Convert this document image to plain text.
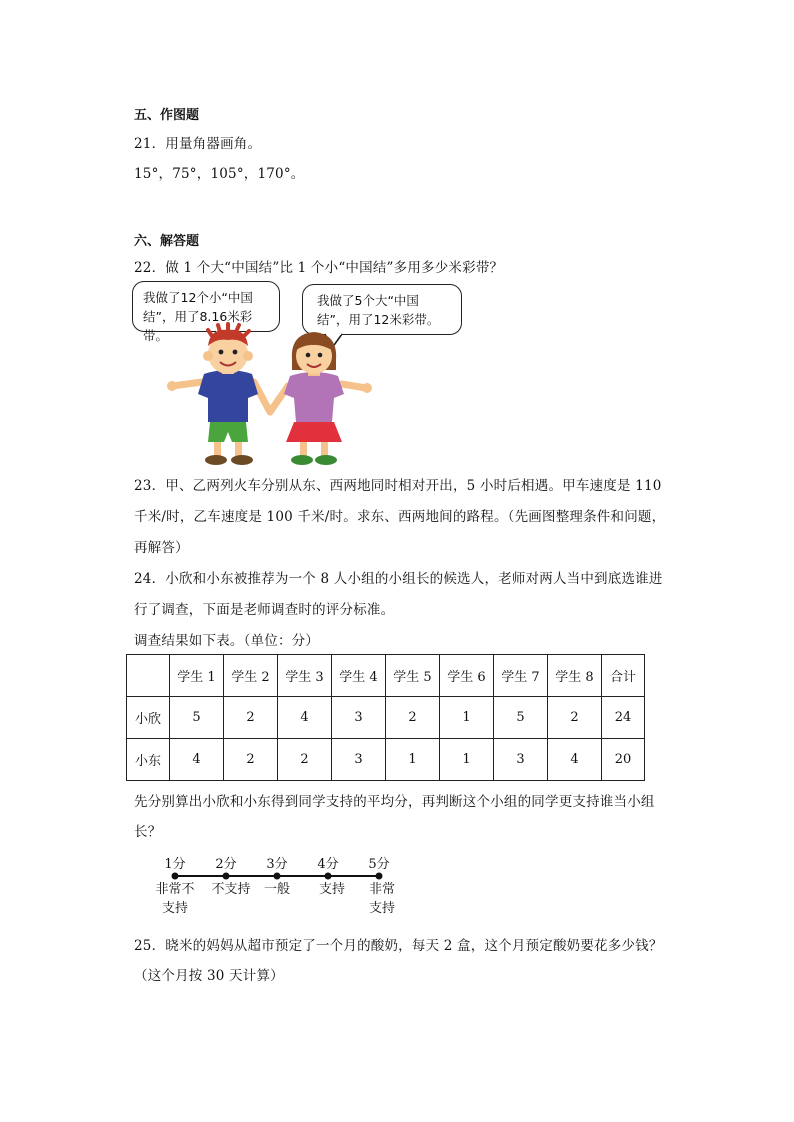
五、作图题
21．用量角器画角。
15°，75°，105°，170°。
六、解答题
22．做 1 个大“中国结”比 1 个小“中国结”多用多少米彩带？
我做了12个小“中国
结”，用了8.16米彩带。
我做了5个大“中国
结”，用了12米彩带。
23．甲、乙两列火车分别从东、西两地同时相对开出，5 小时后相遇。甲车速度是 110
千米/时，乙车速度是 100 千米/时。求东、西两地间的路程。（先画图整理条件和问题，
再解答）
24．小欣和小东被推荐为一个 8 人小组的小组长的候选人，老师对两人当中到底选谁进
行了调查，下面是老师调查时的评分标准。
调查结果如下表。（单位：分）
	学生 1	学生 2	学生 3	学生 4	学生 5	学生 6	学生 7	学生 8	合计
小欣	5	2	4	3	2	1	5	2	24
小东	4	2	2	3	1	1	3	4	20
先分别算出小欣和小东得到同学支持的平均分，再判断这个小组的同学更支持谁当小组
长？
1分	2分	3分	4分	5分
非常不
支持
不支持	一般	支持	非常
支持
25．晓米的妈妈从超市预定了一个月的酸奶，每天 2 盒，这个月预定酸奶要花多少钱？
（这个月按 30 天计算）
